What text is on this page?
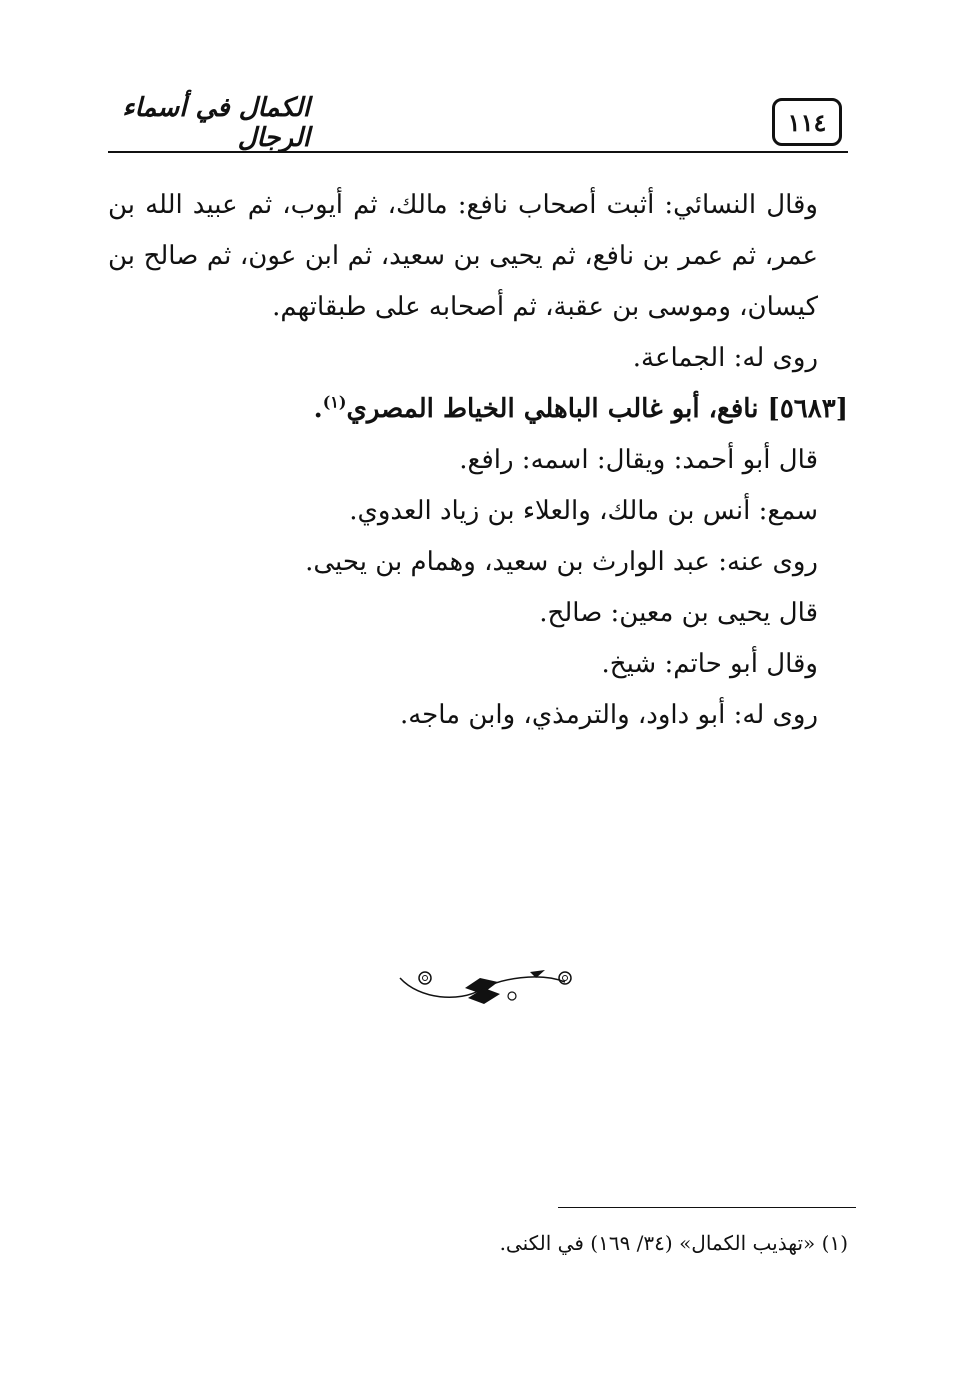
١١٤
الكمال في أسماء الرجال

وقال النسائي: أثبت أصحاب نافع: مالك، ثم أيوب، ثم عبيد الله بن عمر، ثم عمر بن نافع، ثم يحيى بن سعيد، ثم ابن عون، ثم صالح بن كيسان، وموسى بن عقبة، ثم أصحابه على طبقاتهم.

روى له: الجماعة.

[٥٦٨٣] نافع، أبو غالب الباهلي الخياط المصري$^{(١)}$.

قال أبو أحمد: ويقال: اسمه: رافع.

سمع: أنس بن مالك، والعلاء بن زياد العدوي.

روى عنه: عبد الوارث بن سعيد، وهمام بن يحيى.

قال يحيى بن معين: صالح.

وقال أبو حاتم: شيخ.

روى له: أبو داود، والترمذي، وابن ماجه.

(١) «تهذيب الكمال» (٣٤/ ١٦٩) في الكنى.
